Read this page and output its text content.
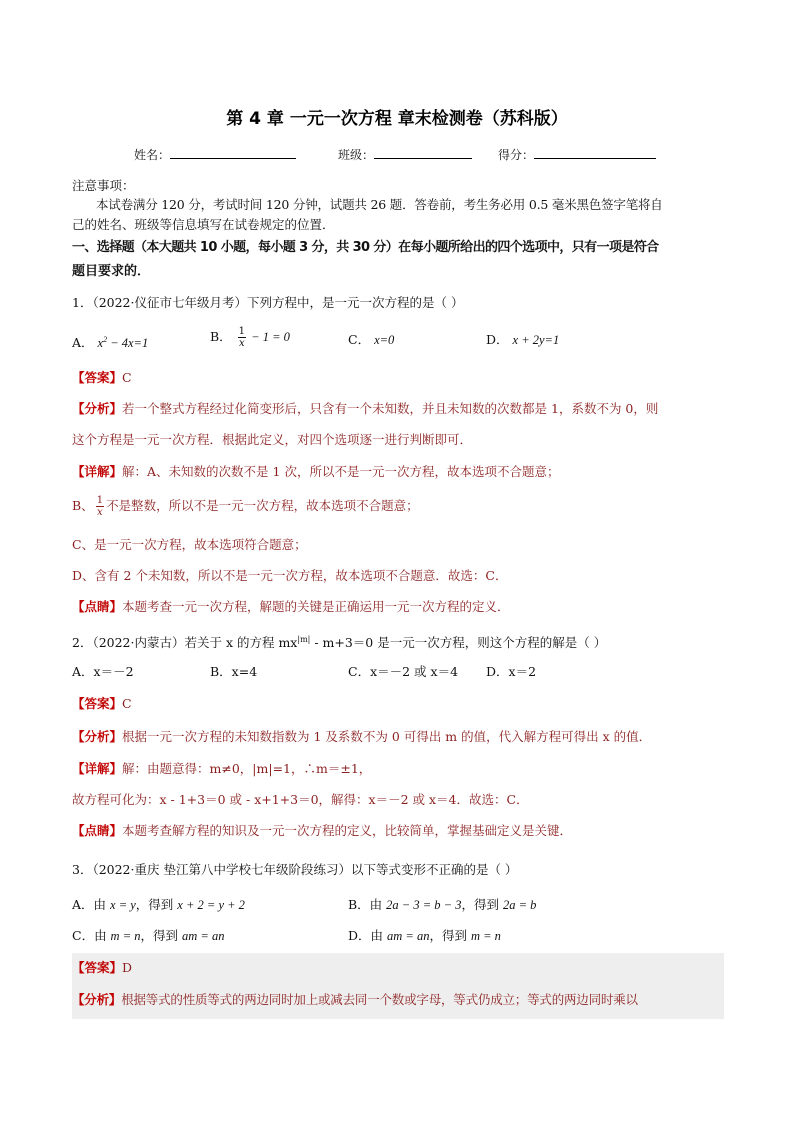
第 4 章 一元一次方程 章末检测卷（苏科版）
姓名：	班级：	得分：
注意事项：
本试卷满分 120 分，考试时间 120 分钟，试题共 26 题．答卷前，考生务必用 0.5 毫米黑色签字笔将自
己的姓名、班级等信息填写在试卷规定的位置．
一、选择题（本大题共 10 小题，每小题 3 分，共 30 分）在每小题所给出的四个选项中，只有一项是符合
题目要求的．
1．（2022·仪征市七年级月考）下列方程中，是一元一次方程的是（ ）
A． $x^2 - 4x=1$	B． $\frac{1}{x} - 1 = 0$	C． x=0	D． x + 2y=1
【答案】C
【分析】若一个整式方程经过化简变形后，只含有一个未知数，并且未知数的次数都是 1，系数不为 0，则
这个方程是一元一次方程．根据此定义，对四个选项逐一进行判断即可．
【详解】解：A、未知数的次数不是 1 次，所以不是一元一次方程，故本选项不合题意；
B、 $\frac{1}{x}$ 不是整数，所以不是一元一次方程，故本选项不合题意；
C、是一元一次方程，故本选项符合题意；
D、含有 2 个未知数，所以不是一元一次方程，故本选项不合题意．故选：C．
【点睛】本题考查一元一次方程，解题的关键是正确运用一元一次方程的定义．
2．（2022·内蒙古）若关于 x 的方程 $mx^{|m|} - m+3=0$ 是一元一次方程，则这个方程的解是（ ）
A．x＝－2	B．x=4	C．x＝－2 或 x＝4 D．x＝2
【答案】C
【分析】根据一元一次方程的未知数指数为 1 及系数不为 0 可得出 m 的值，代入解方程可得出 x 的值．
【详解】解：由题意得：m≠0，|m|=1，∴m＝±1，
故方程可化为：x - 1+3＝0 或 - x+1+3＝0，解得：x＝－2 或 x＝4．故选：C．
【点睛】本题考查解方程的知识及一元一次方程的定义，比较简单，掌握基础定义是关键．
3．（2022·重庆 垫江第八中学校七年级阶段练习）以下等式变形不正确的是（ ）
A．由 x = y，得到 x + 2 = y + 2	B．由 2a − 3 = b − 3，得到 2a = b
C．由 m = n，得到 am = an	D．由 am = an，得到 m = n
【答案】D
【分析】根据等式的性质等式的两边同时加上或减去同一个数或字母，等式仍成立；等式的两边同时乘以
